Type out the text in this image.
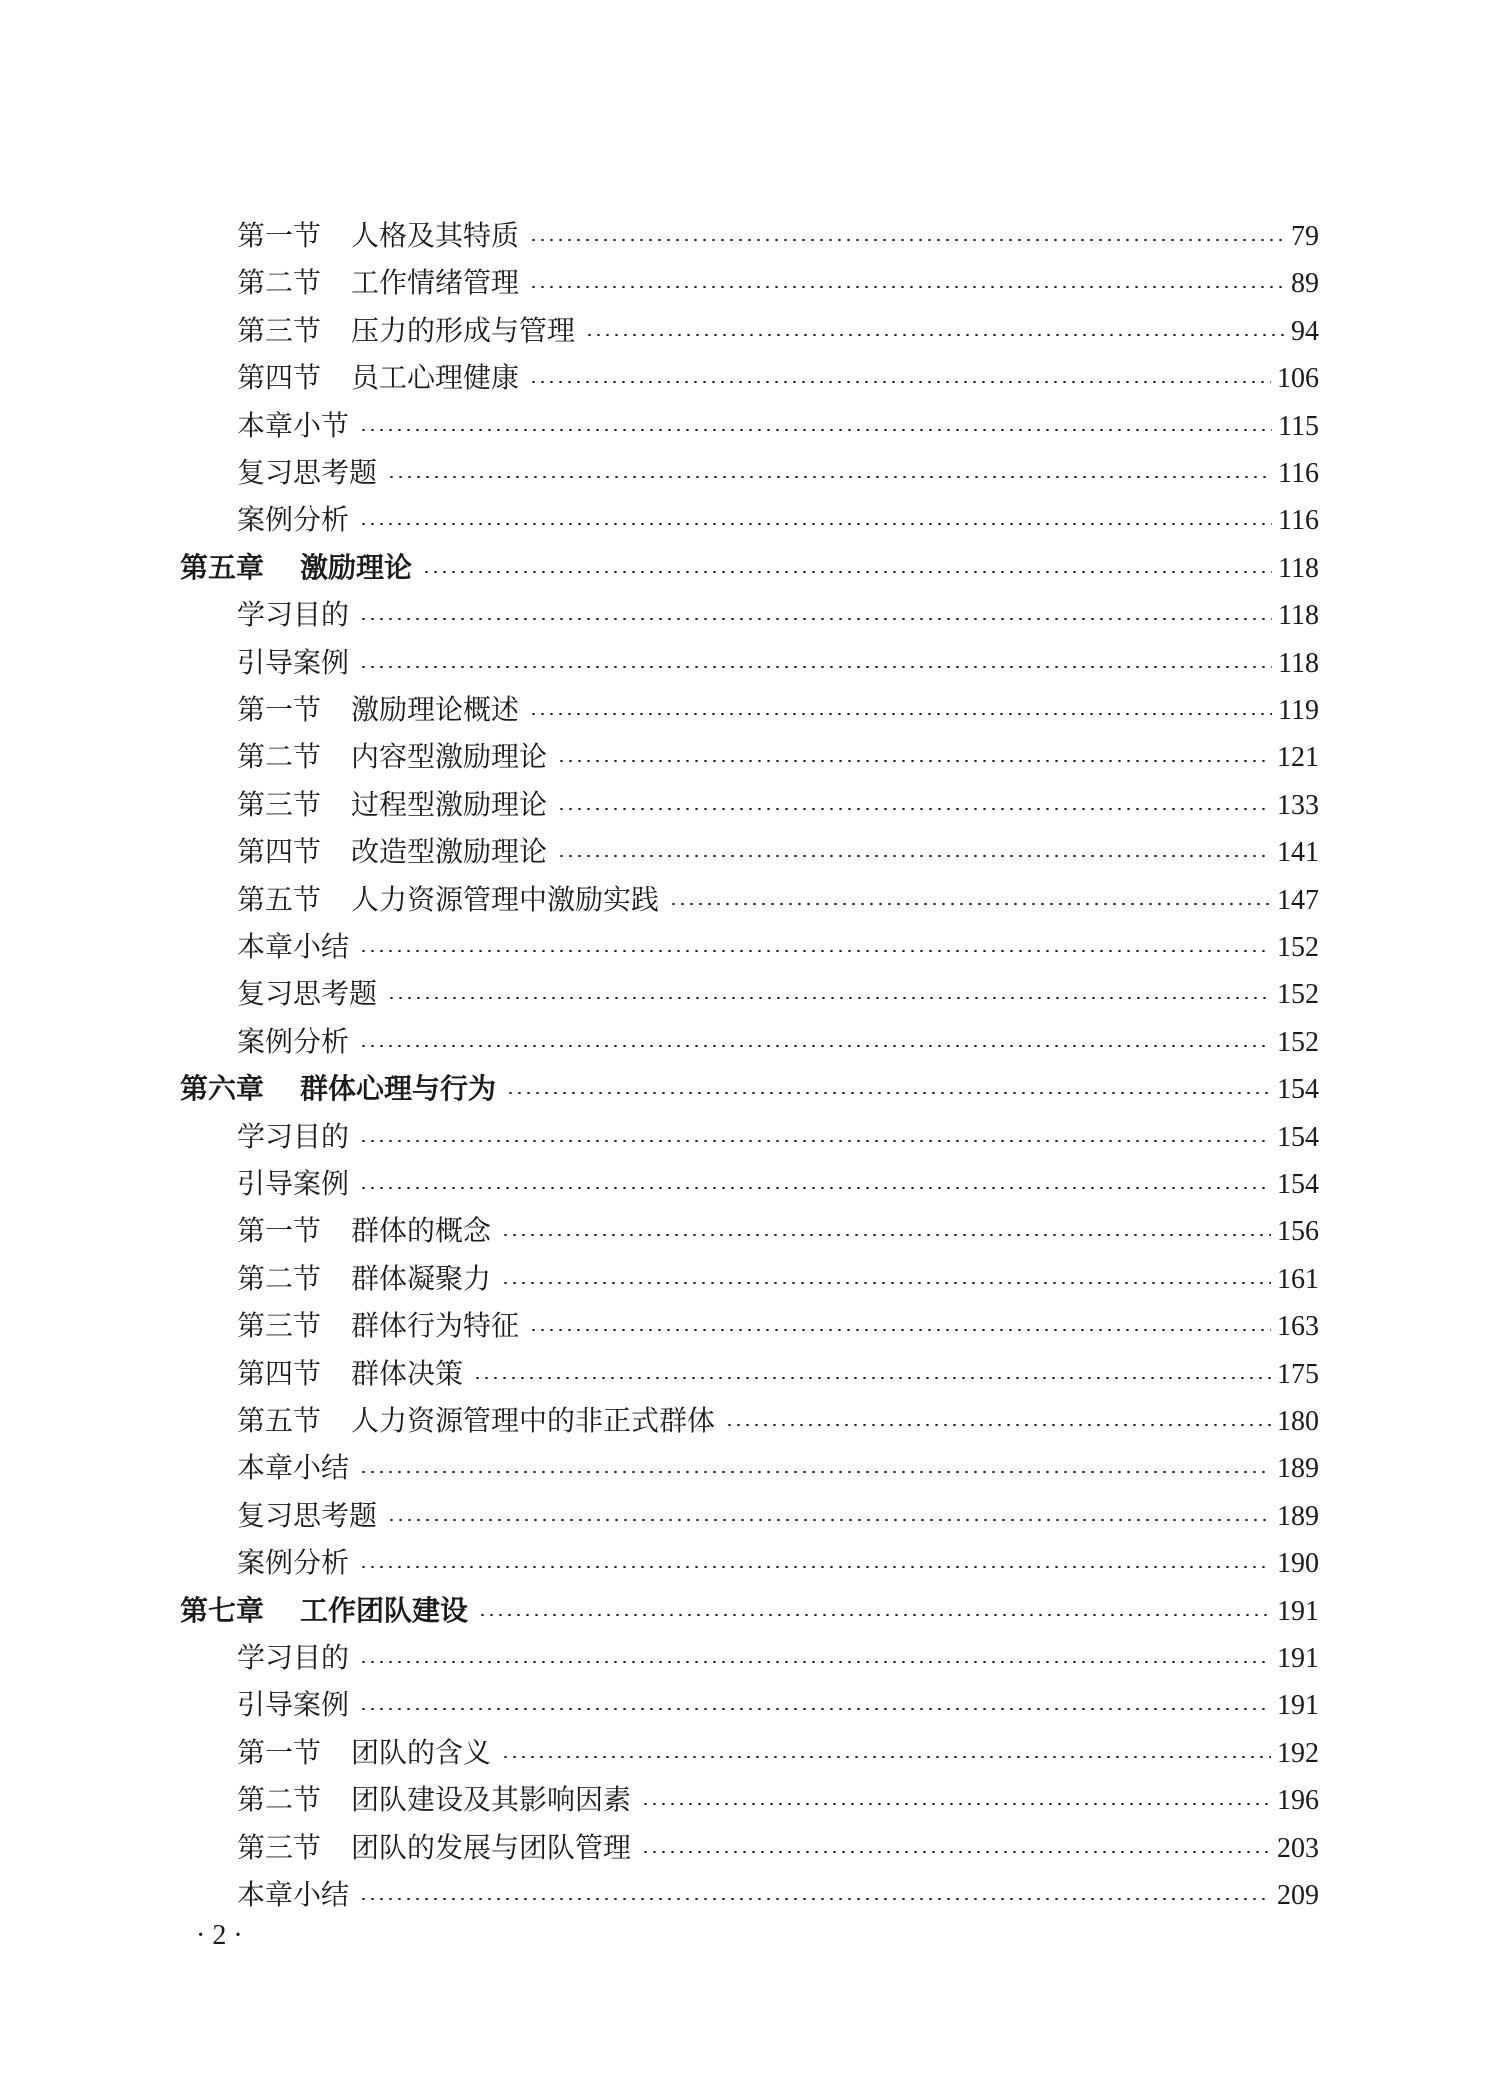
第一节 人格及其特质	79
第二节 工作情绪管理	89
第三节 压力的形成与管理	94
第四节 员工心理健康	106
本章小节	115
复习思考题	116
案例分析	116
第五章 激励理论	118
学习目的	118
引导案例	118
第一节 激励理论概述	119
第二节 内容型激励理论	121
第三节 过程型激励理论	133
第四节 改造型激励理论	141
第五节 人力资源管理中激励实践	147
本章小结	152
复习思考题	152
案例分析	152
第六章 群体心理与行为	154
学习目的	154
引导案例	154
第一节 群体的概念	156
第二节 群体凝聚力	161
第三节 群体行为特征	163
第四节 群体决策	175
第五节 人力资源管理中的非正式群体	180
本章小结	189
复习思考题	189
案例分析	190
第七章 工作团队建设	191
学习目的	191
引导案例	191
第一节 团队的含义	192
第二节 团队建设及其影响因素	196
第三节 团队的发展与团队管理	203
本章小结	209
· 2 ·
